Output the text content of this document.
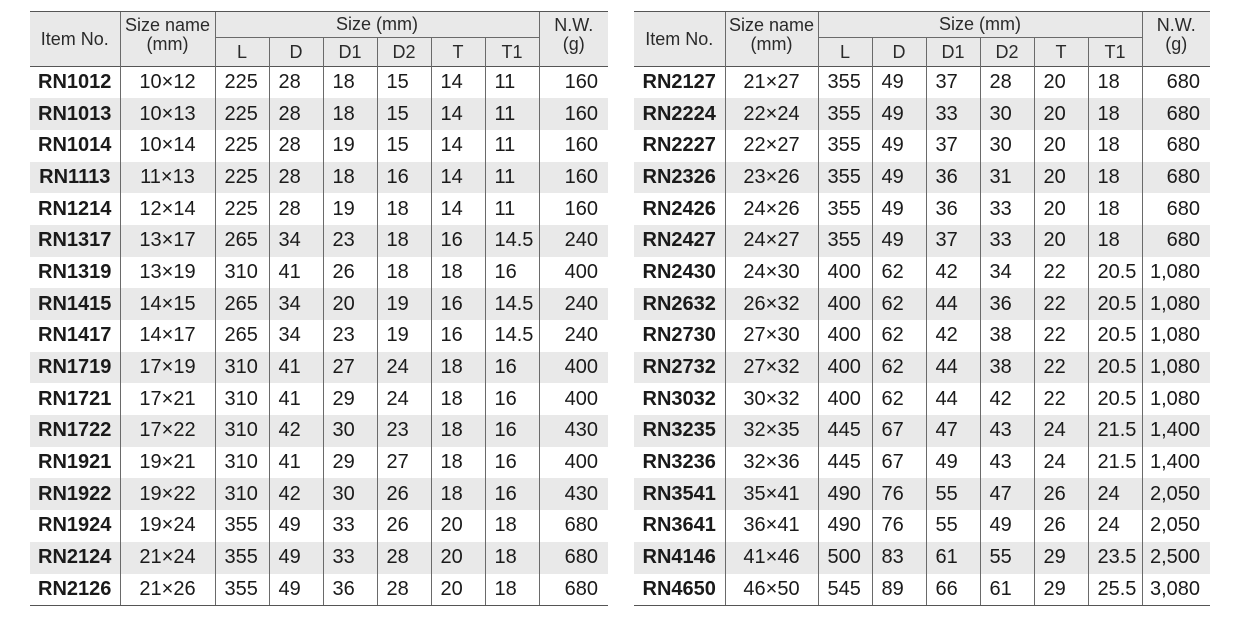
Item No.	Size name
(mm)	Size (mm)						N.W.
(g)

		L	D	D1	D2	T	T1	
RN1012	10×12	225	28	18	15	14	11	160
RN1013	10×13	225	28	18	15	14	11	160
RN1014	10×14	225	28	19	15	14	11	160
RN1113	11×13	225	28	18	16	14	11	160
RN1214	12×14	225	28	19	18	14	11	160
RN1317	13×17	265	34	23	18	16	14.5	240
RN1319	13×19	310	41	26	18	18	16	400
RN1415	14×15	265	34	20	19	16	14.5	240
RN1417	14×17	265	34	23	19	16	14.5	240
RN1719	17×19	310	41	27	24	18	16	400
RN1721	17×21	310	41	29	24	18	16	400
RN1722	17×22	310	42	30	23	18	16	430
RN1921	19×21	310	41	29	27	18	16	400
RN1922	19×22	310	42	30	26	18	16	430
RN1924	19×24	355	49	33	26	20	18	680
RN2124	21×24	355	49	33	28	20	18	680
RN2126	21×26	355	49	36	28	20	18	680
Item No.	Size name
(mm)	Size (mm)						N.W.
(g)

		L	D	D1	D2	T	T1	
RN2127	21×27	355	49	37	28	20	18	680
RN2224	22×24	355	49	33	30	20	18	680
RN2227	22×27	355	49	37	30	20	18	680
RN2326	23×26	355	49	36	31	20	18	680
RN2426	24×26	355	49	36	33	20	18	680
RN2427	24×27	355	49	37	33	20	18	680
RN2430	24×30	400	62	42	34	22	20.5	1,080
RN2632	26×32	400	62	44	36	22	20.5	1,080
RN2730	27×30	400	62	42	38	22	20.5	1,080
RN2732	27×32	400	62	44	38	22	20.5	1,080
RN3032	30×32	400	62	44	42	22	20.5	1,080
RN3235	32×35	445	67	47	43	24	21.5	1,400
RN3236	32×36	445	67	49	43	24	21.5	1,400
RN3541	35×41	490	76	55	47	26	24	2,050
RN3641	36×41	490	76	55	49	26	24	2,050
RN4146	41×46	500	83	61	55	29	23.5	2,500
RN4650	46×50	545	89	66	61	29	25.5	3,080
